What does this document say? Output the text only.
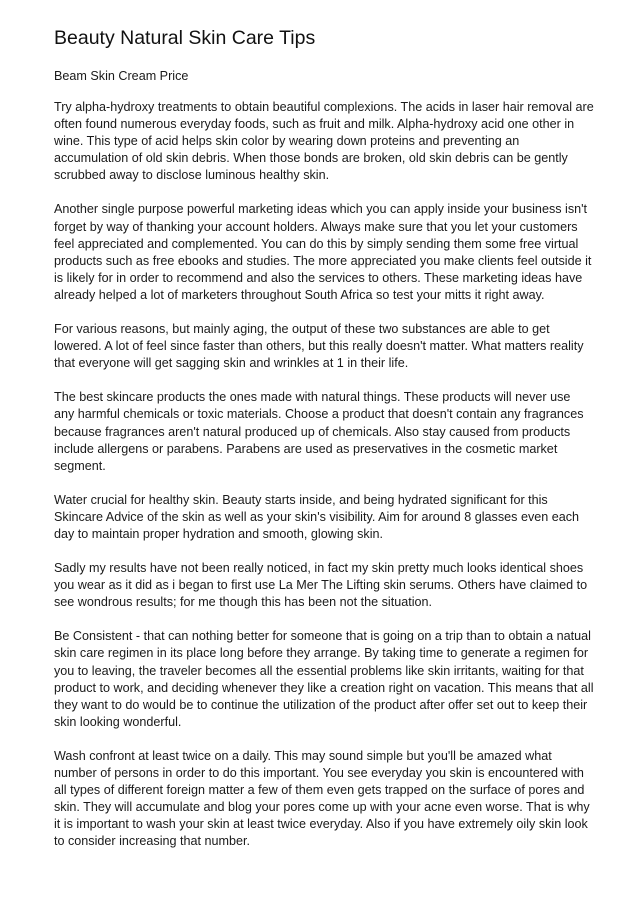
Beauty Natural Skin Care Tips

Beam Skin Cream Price

Try alpha-hydroxy treatments to obtain beautiful complexions. The acids in laser hair removal are often found numerous everyday foods, such as fruit and milk. Alpha-hydroxy acid one other in wine. This type of acid helps skin color by wearing down proteins and preventing an accumulation of old skin debris. When those bonds are broken, old skin debris can be gently scrubbed away to disclose luminous healthy skin.

Another single purpose powerful marketing ideas which you can apply inside your business isn't forget by way of thanking your account holders. Always make sure that you let your customers feel appreciated and complemented. You can do this by simply sending them some free virtual products such as free ebooks and studies. The more appreciated you make clients feel outside it is likely for in order to recommend and also the services to others. These marketing ideas have already helped a lot of marketers throughout South Africa so test your mitts it right away.

For various reasons, but mainly aging, the output of these two substances are able to get lowered. A lot of feel since faster than others, but this really doesn't matter. What matters reality that everyone will get sagging skin and wrinkles at 1 in their life.

The best skincare products the ones made with natural things. These products will never use any harmful chemicals or toxic materials. Choose a product that doesn't contain any fragrances because fragrances aren't natural produced up of chemicals. Also stay caused from products include allergens or parabens. Parabens are used as preservatives in the cosmetic market segment.

Water crucial for healthy skin. Beauty starts inside, and being hydrated significant for this Skincare Advice of the skin as well as your skin's visibility. Aim for around 8 glasses even each day to maintain proper hydration and smooth, glowing skin.

Sadly my results have not been really noticed, in fact my skin pretty much looks identical shoes you wear as it did as i began to first use La Mer The Lifting skin serums. Others have claimed to see wondrous results; for me though this has been not the situation.

Be Consistent - that can nothing better for someone that is going on a trip than to obtain a natual skin care regimen in its place long before they arrange. By taking time to generate a regimen for you to leaving, the traveler becomes all the essential problems like skin irritants, waiting for that product to work, and deciding whenever they like a creation right on vacation. This means that all they want to do would be to continue the utilization of the product after offer set out to keep their skin looking wonderful.

Wash confront at least twice on a daily. This may sound simple but you'll be amazed what number of persons in order to do this important. You see everyday you skin is encountered with all types of different foreign matter a few of them even gets trapped on the surface of pores and skin. They will accumulate and blog your pores come up with your acne even worse. That is why it is important to wash your skin at least twice everyday. Also if you have extremely oily skin look to consider increasing that number.
